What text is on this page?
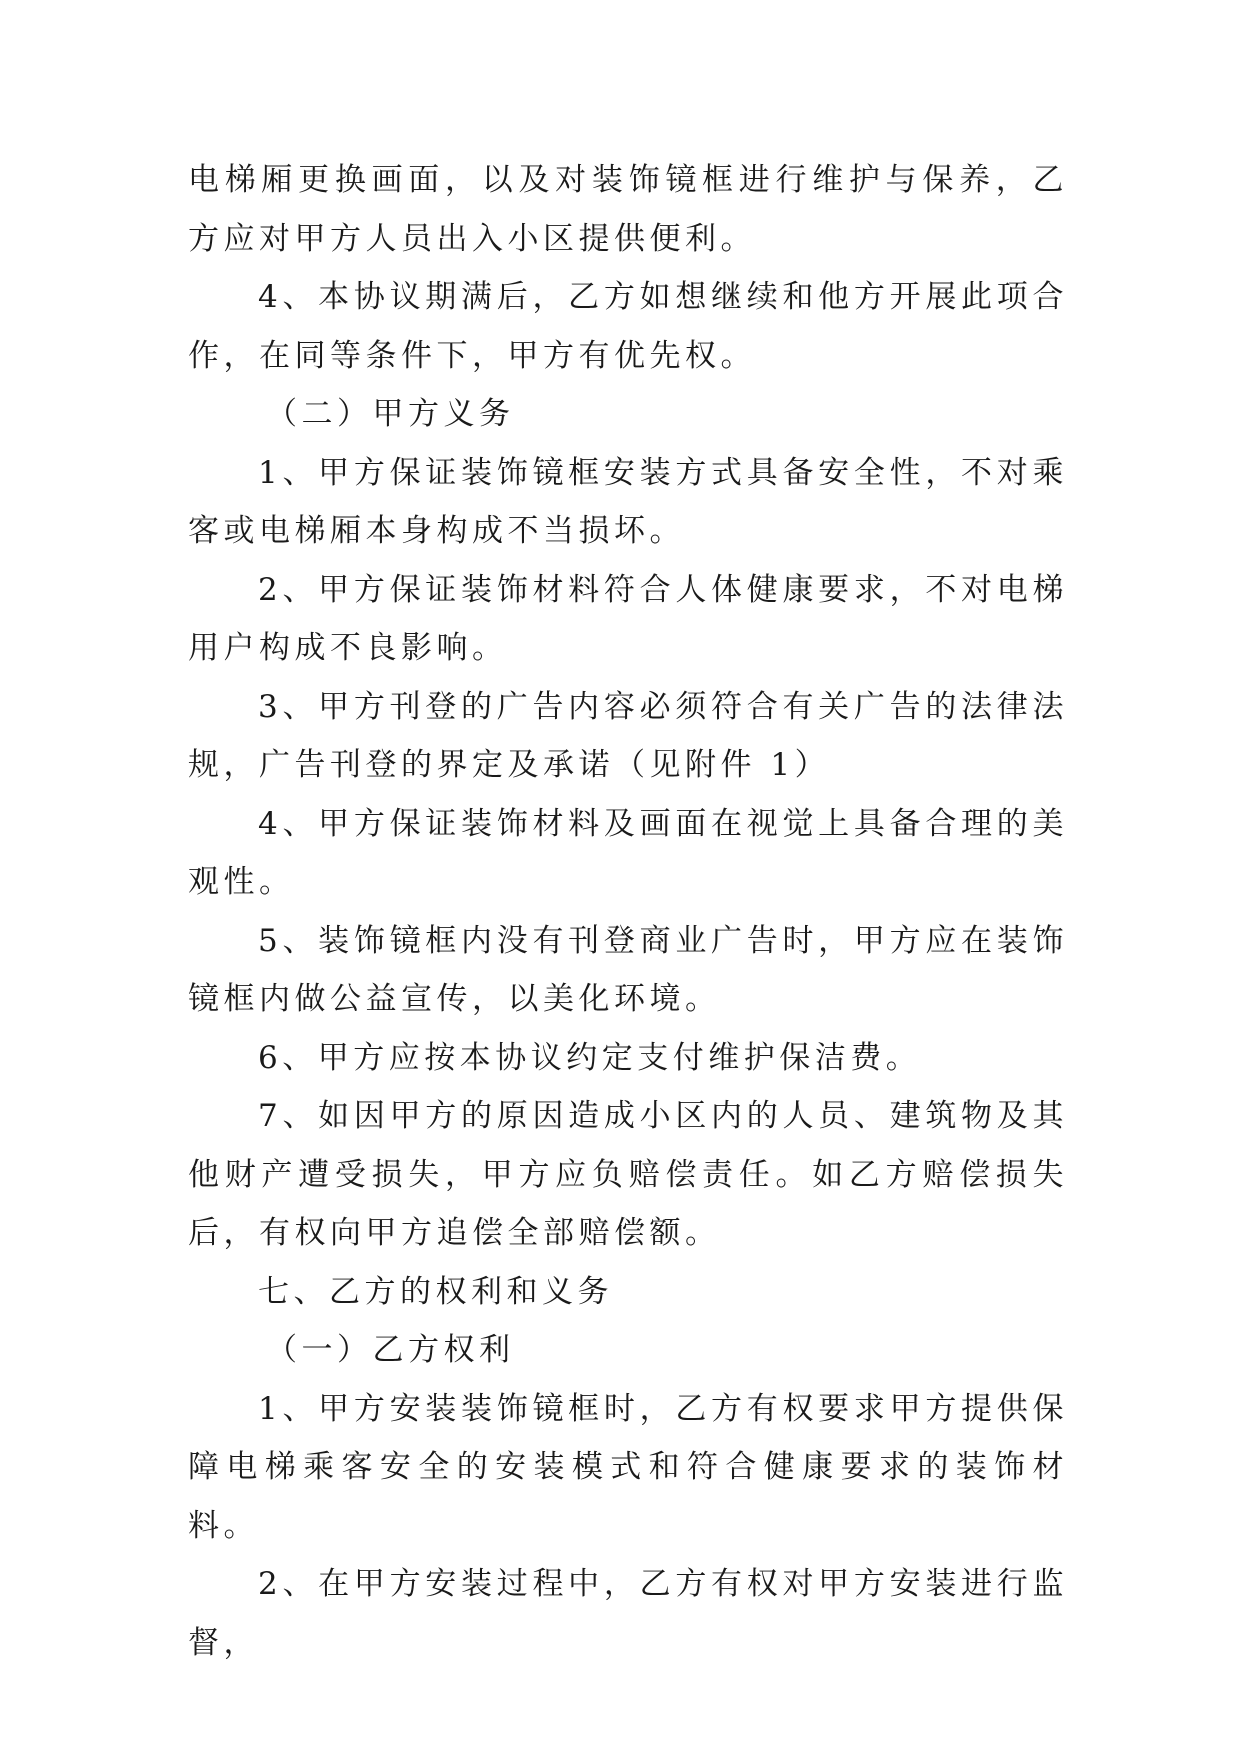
电梯厢更换画面，以及对装饰镜框进行维护与保养，乙方应对甲方人员出入小区提供便利。

4、本协议期满后，乙方如想继续和他方开展此项合作，在同等条件下，甲方有优先权。

（二）甲方义务

1、甲方保证装饰镜框安装方式具备安全性，不对乘客或电梯厢本身构成不当损坏。

2、甲方保证装饰材料符合人体健康要求，不对电梯用户构成不良影响。

3、甲方刊登的广告内容必须符合有关广告的法律法规，广告刊登的界定及承诺（见附件 1）

4、甲方保证装饰材料及画面在视觉上具备合理的美观性。

5、装饰镜框内没有刊登商业广告时，甲方应在装饰镜框内做公益宣传，以美化环境。

6、甲方应按本协议约定支付维护保洁费。

7、如因甲方的原因造成小区内的人员、建筑物及其他财产遭受损失，甲方应负赔偿责任。如乙方赔偿损失后，有权向甲方追偿全部赔偿额。

七、乙方的权利和义务

（一）乙方权利

1、甲方安装装饰镜框时，乙方有权要求甲方提供保障电梯乘客安全的安装模式和符合健康要求的装饰材料。

2、在甲方安装过程中，乙方有权对甲方安装进行监督，
